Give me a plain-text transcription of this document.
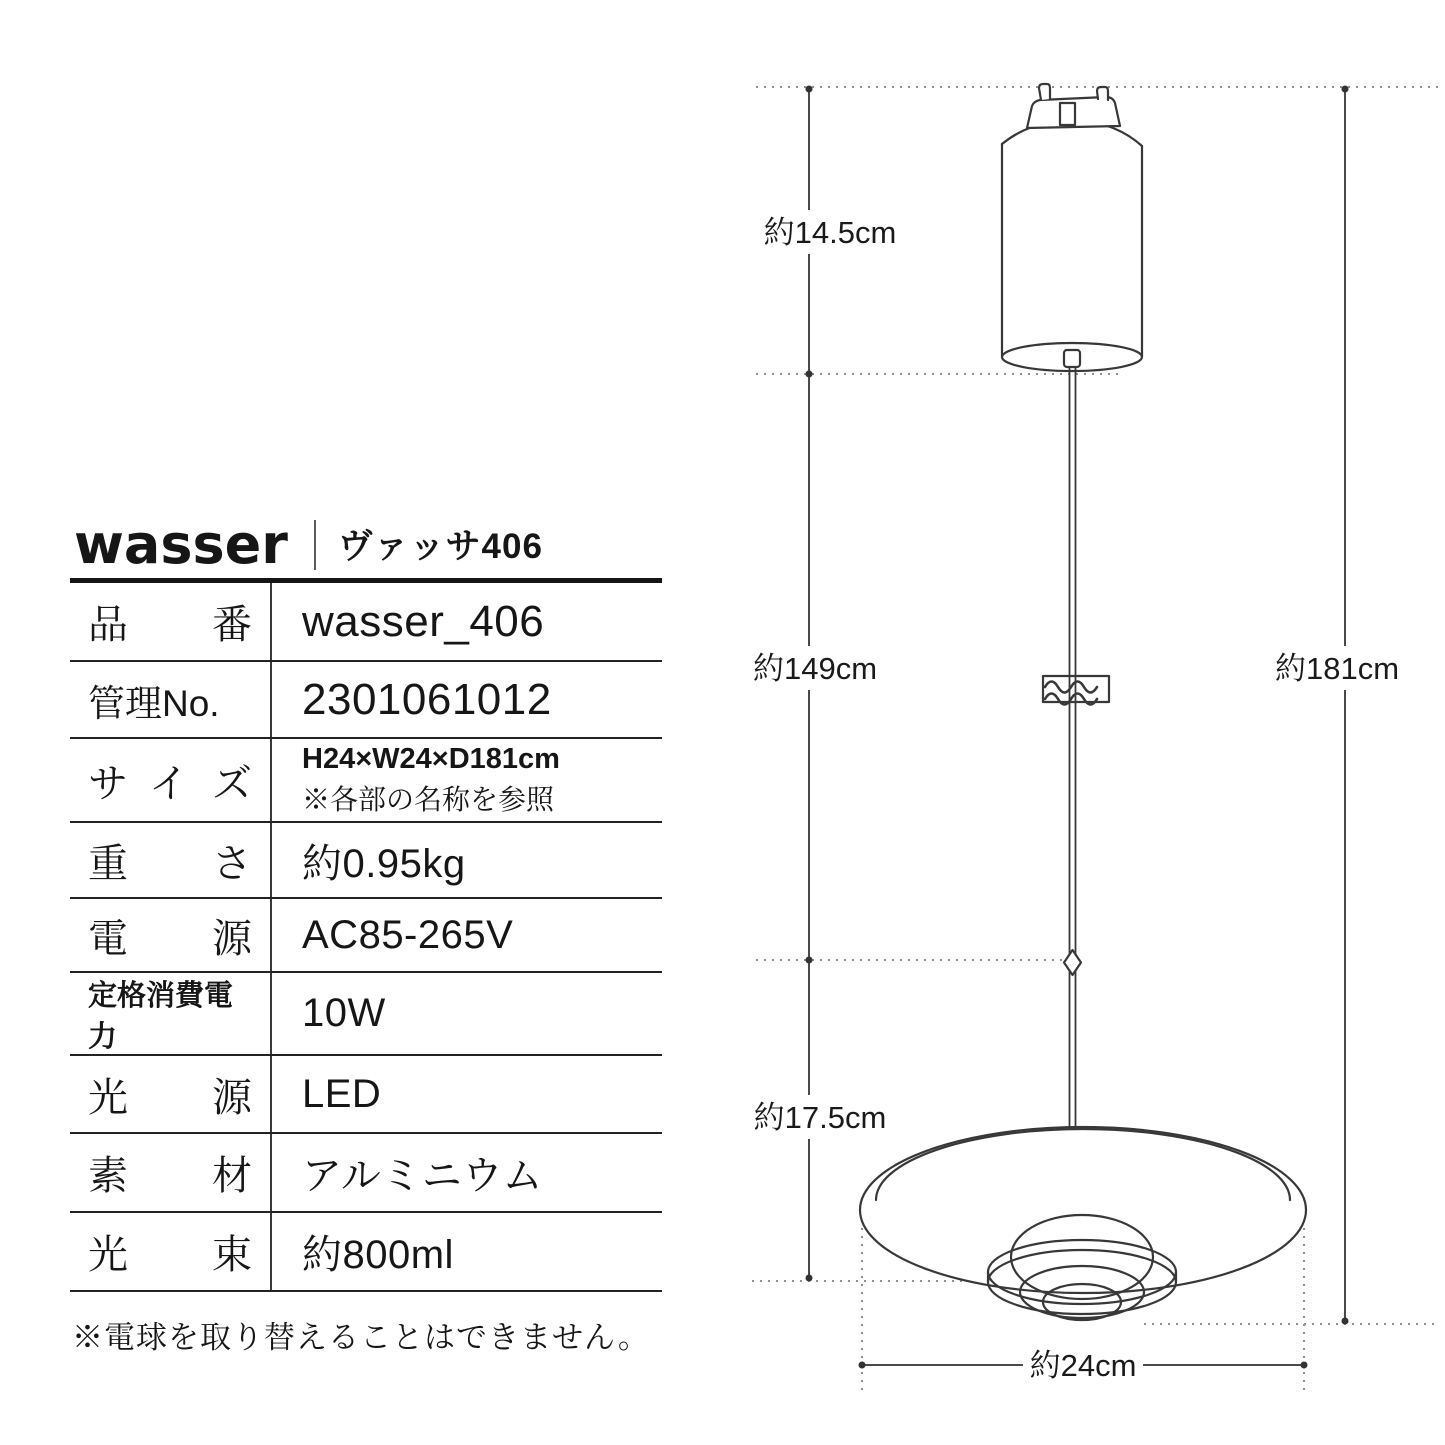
wasser ヴァッサ406
品番 wasser_406
管理No.	2301061012
サイズ
H24×W24×D181cm
※各部の名称を参照
重さ 約0.95kg
電源 AC85-265V
定格消費電力
10W
光源 LED
素材 アルミニウム
光束 約800ml
※電球を取り替えることはできません。
約14.5cm
約149cm	約181cm
約17.5cm
約24cm
